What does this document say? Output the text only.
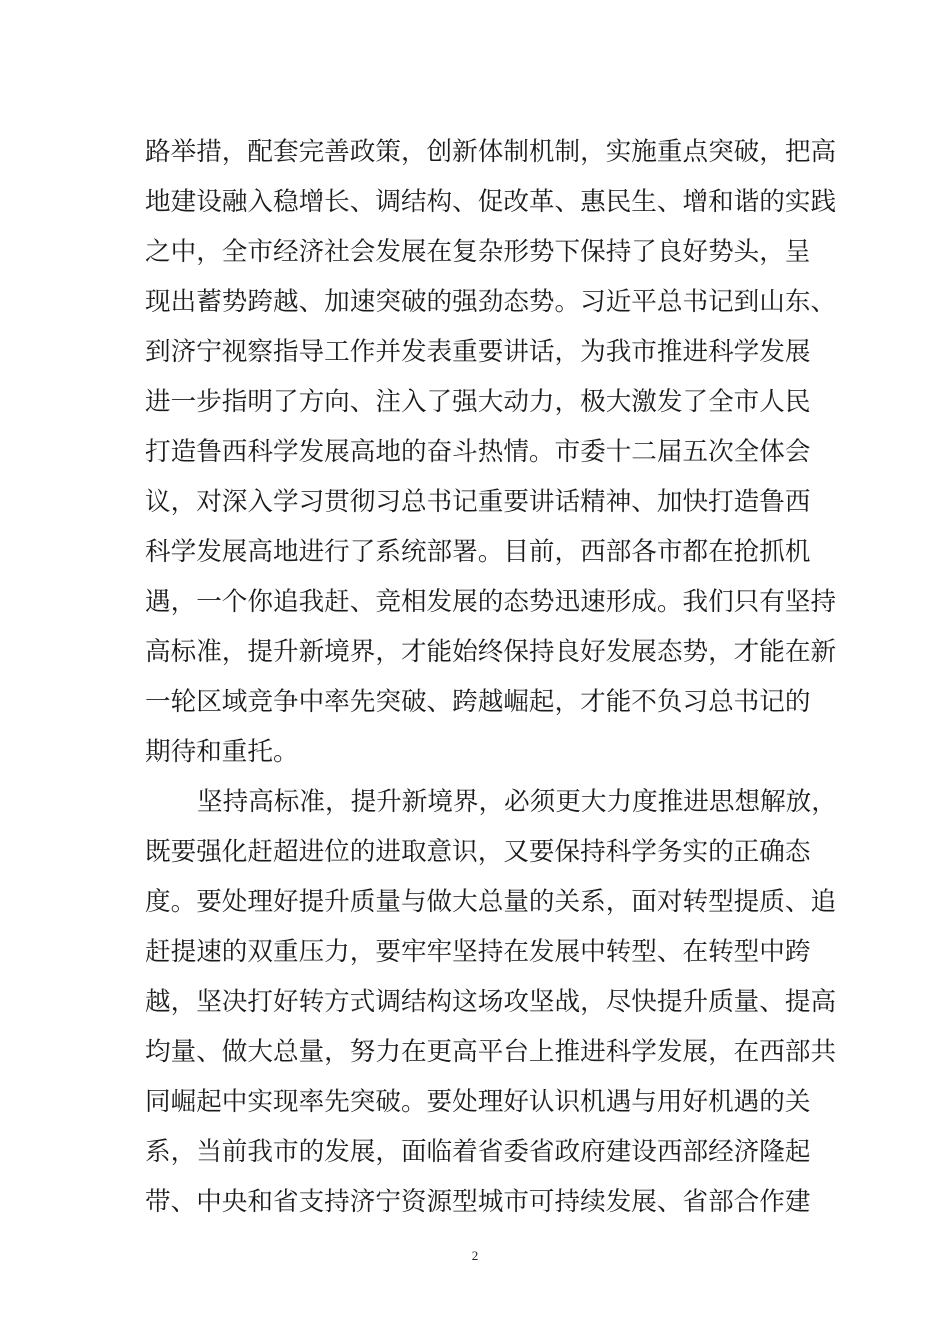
路举措，配套完善政策，创新体制机制，实施重点突破，把高
地建设融入稳增长、调结构、促改革、惠民生、增和谐的实践
之中，全市经济社会发展在复杂形势下保持了良好势头，呈
现出蓄势跨越、加速突破的强劲态势。习近平总书记到山东、
到济宁视察指导工作并发表重要讲话，为我市推进科学发展
进一步指明了方向、注入了强大动力，极大激发了全市人民
打造鲁西科学发展高地的奋斗热情。市委十二届五次全体会
议，对深入学习贯彻习总书记重要讲话精神、加快打造鲁西
科学发展高地进行了系统部署。目前，西部各市都在抢抓机
遇，一个你追我赶、竞相发展的态势迅速形成。我们只有坚持
高标准，提升新境界，才能始终保持良好发展态势，才能在新
一轮区域竞争中率先突破、跨越崛起，才能不负习总书记的
期待和重托。
坚持高标准，提升新境界，必须更大力度推进思想解放，
既要强化赶超进位的进取意识，又要保持科学务实的正确态
度。要处理好提升质量与做大总量的关系，面对转型提质、追
赶提速的双重压力，要牢牢坚持在发展中转型、在转型中跨
越，坚决打好转方式调结构这场攻坚战，尽快提升质量、提高
均量、做大总量，努力在更高平台上推进科学发展，在西部共
同崛起中实现率先突破。要处理好认识机遇与用好机遇的关
系，当前我市的发展，面临着省委省政府建设西部经济隆起
带、中央和省支持济宁资源型城市可持续发展、省部合作建
2
